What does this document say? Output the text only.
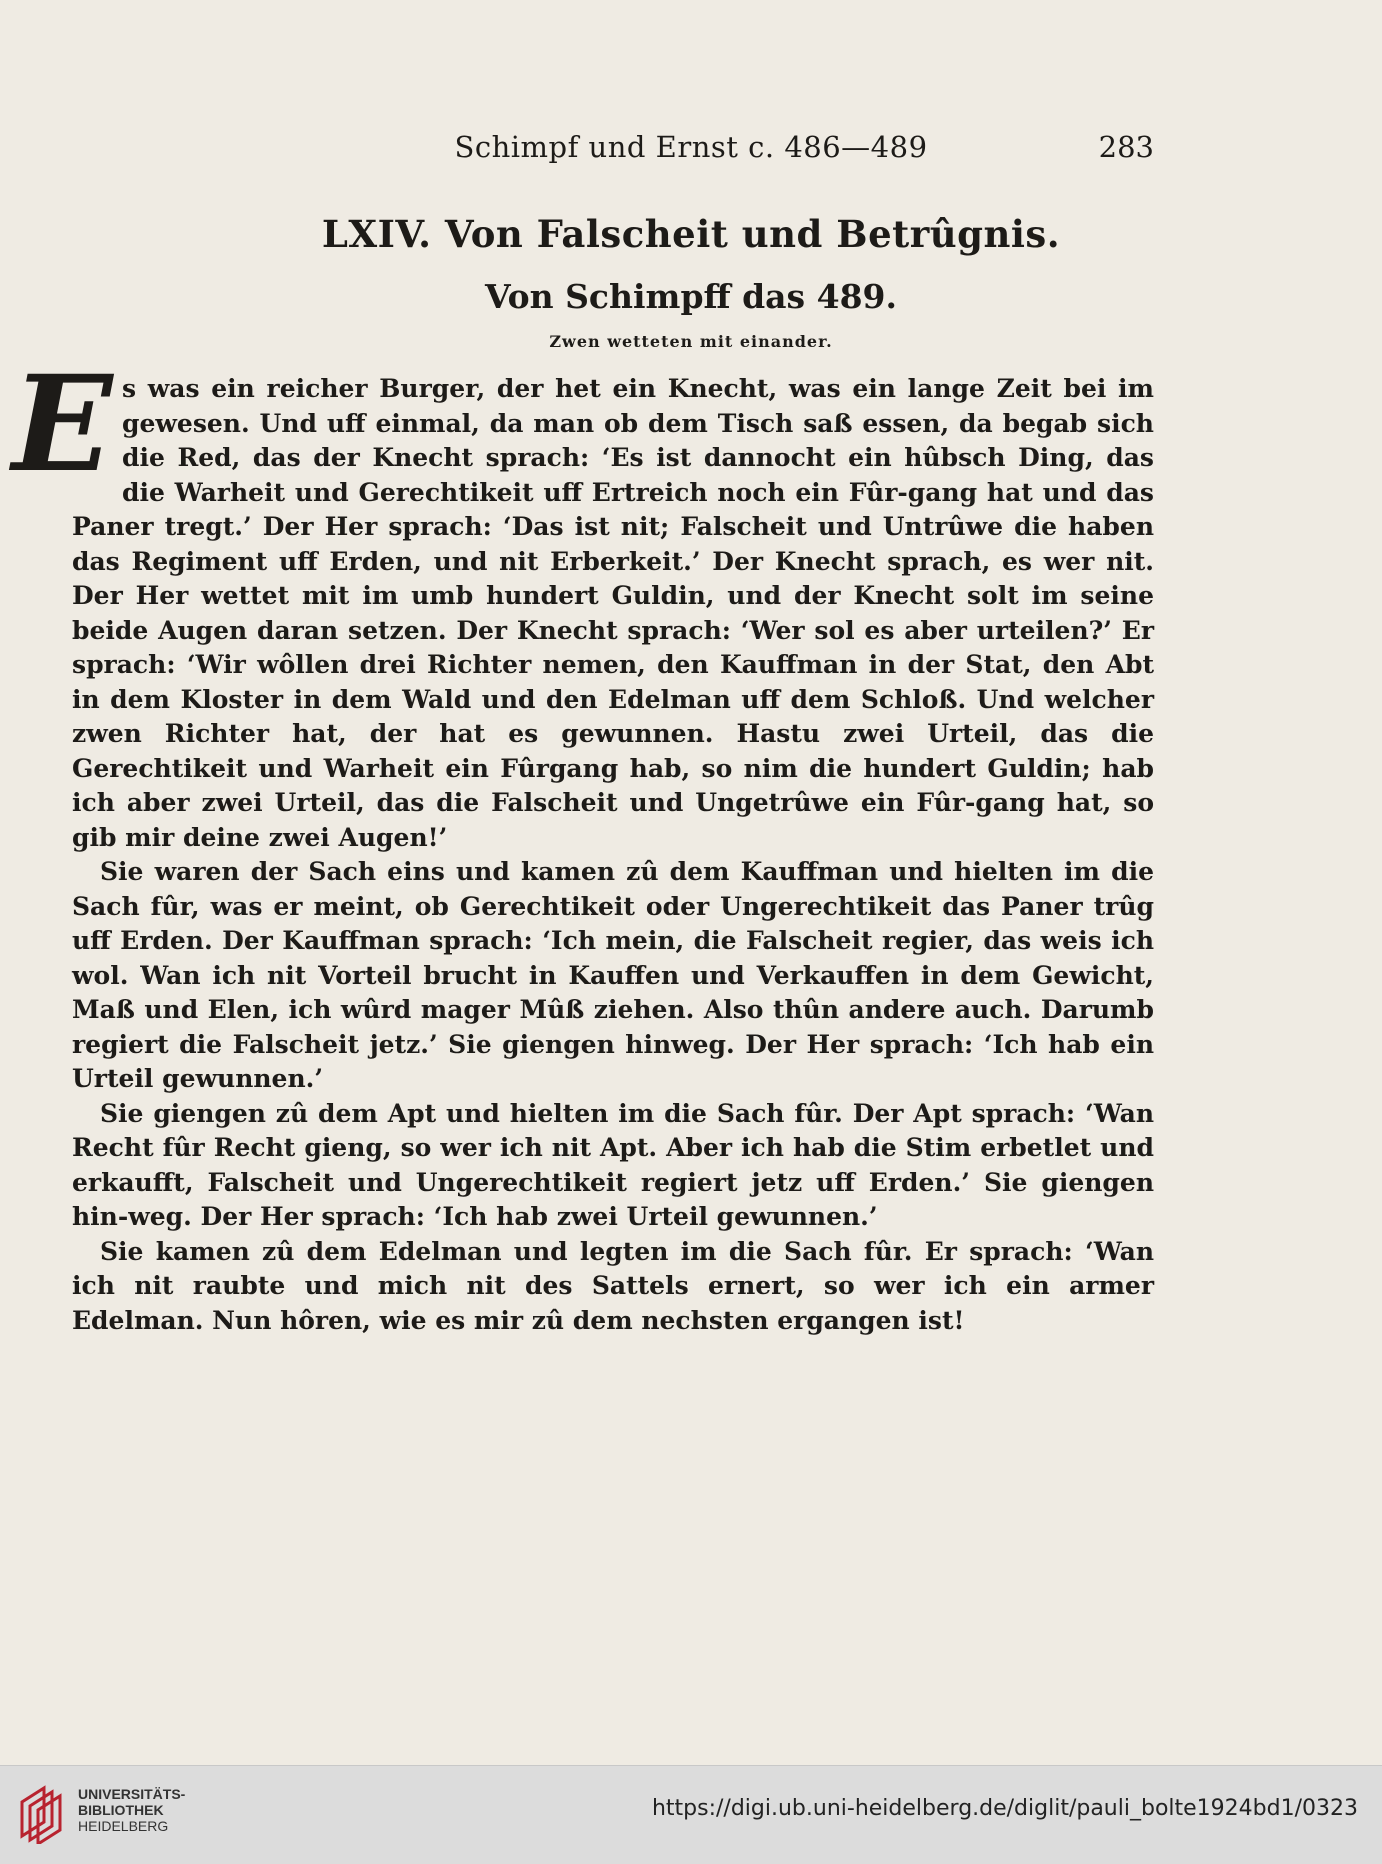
Schimpf und Ernst c. 486—489	283
LXIV. Von Falscheit und Betrûgnis.
Von Schimpff das 489.
Zwen wetteten mit einander.

Es was ein reicher Burger, der het ein Knecht, was ein lange Zeit bei im gewesen. Und uff einmal, da man ob dem Tisch saß essen, da begab sich die Red, das der Knecht sprach: ‘Es ist dannocht ein hûbsch Ding, das die Warheit und Gerechtikeit uff Ertreich noch ein Fûr‐gang hat und das Paner tregt.’ Der Her sprach: ‘Das ist nit; Falscheit und Untrûwe die haben das Regiment uff Erden, und nit Erberkeit.’ Der Knecht sprach, es wer nit. Der Her wettet mit im umb hundert Guldin, und der Knecht solt im seine beide Augen daran setzen. Der Knecht sprach: ‘Wer sol es aber urteilen?’ Er sprach: ‘Wir wôllen drei Richter nemen, den Kauffman in der Stat, den Abt in dem Kloster in dem Wald und den Edelman uff dem Schloß. Und welcher zwen Richter hat, der hat es gewunnen. Hastu zwei Urteil, das die Gerechtikeit und Warheit ein Fûrgang hab, so nim die hundert Guldin; hab ich aber zwei Urteil, das die Falscheit und Ungetrûwe ein Fûr‐gang hat, so gib mir deine zwei Augen!’

Sie waren der Sach eins und kamen zû dem Kauffman und hielten im die Sach fûr, was er meint, ob Gerechtikeit oder Ungerechtikeit das Paner trûg uff Erden. Der Kauffman sprach: ‘Ich mein, die Falscheit regier, das weis ich wol. Wan ich nit Vorteil brucht in Kauffen und Verkauffen in dem Gewicht, Maß und Elen, ich wûrd mager Mûß ziehen. Also thûn andere auch. Darumb regiert die Falscheit jetz.’ Sie giengen hinweg. Der Her sprach: ‘Ich hab ein Urteil gewunnen.’

Sie giengen zû dem Apt und hielten im die Sach fûr. Der Apt sprach: ‘Wan Recht fûr Recht gieng, so wer ich nit Apt. Aber ich hab die Stim erbetlet und erkaufft, Falscheit und Ungerechtikeit regiert jetz uff Erden.’ Sie giengen hin‐weg. Der Her sprach: ‘Ich hab zwei Urteil gewunnen.’

Sie kamen zû dem Edelman und legten im die Sach fûr. Er sprach: ‘Wan ich nit raubte und mich nit des Sattels ernert, so wer ich ein armer Edelman. Nun hôren, wie es mir zû dem nechsten ergangen ist!

UNIVERSITÄTS-
BIBLIOTHEK
HEIDELBERG
https://digi.ub.uni-heidelberg.de/diglit/pauli_bolte1924bd1/0323
